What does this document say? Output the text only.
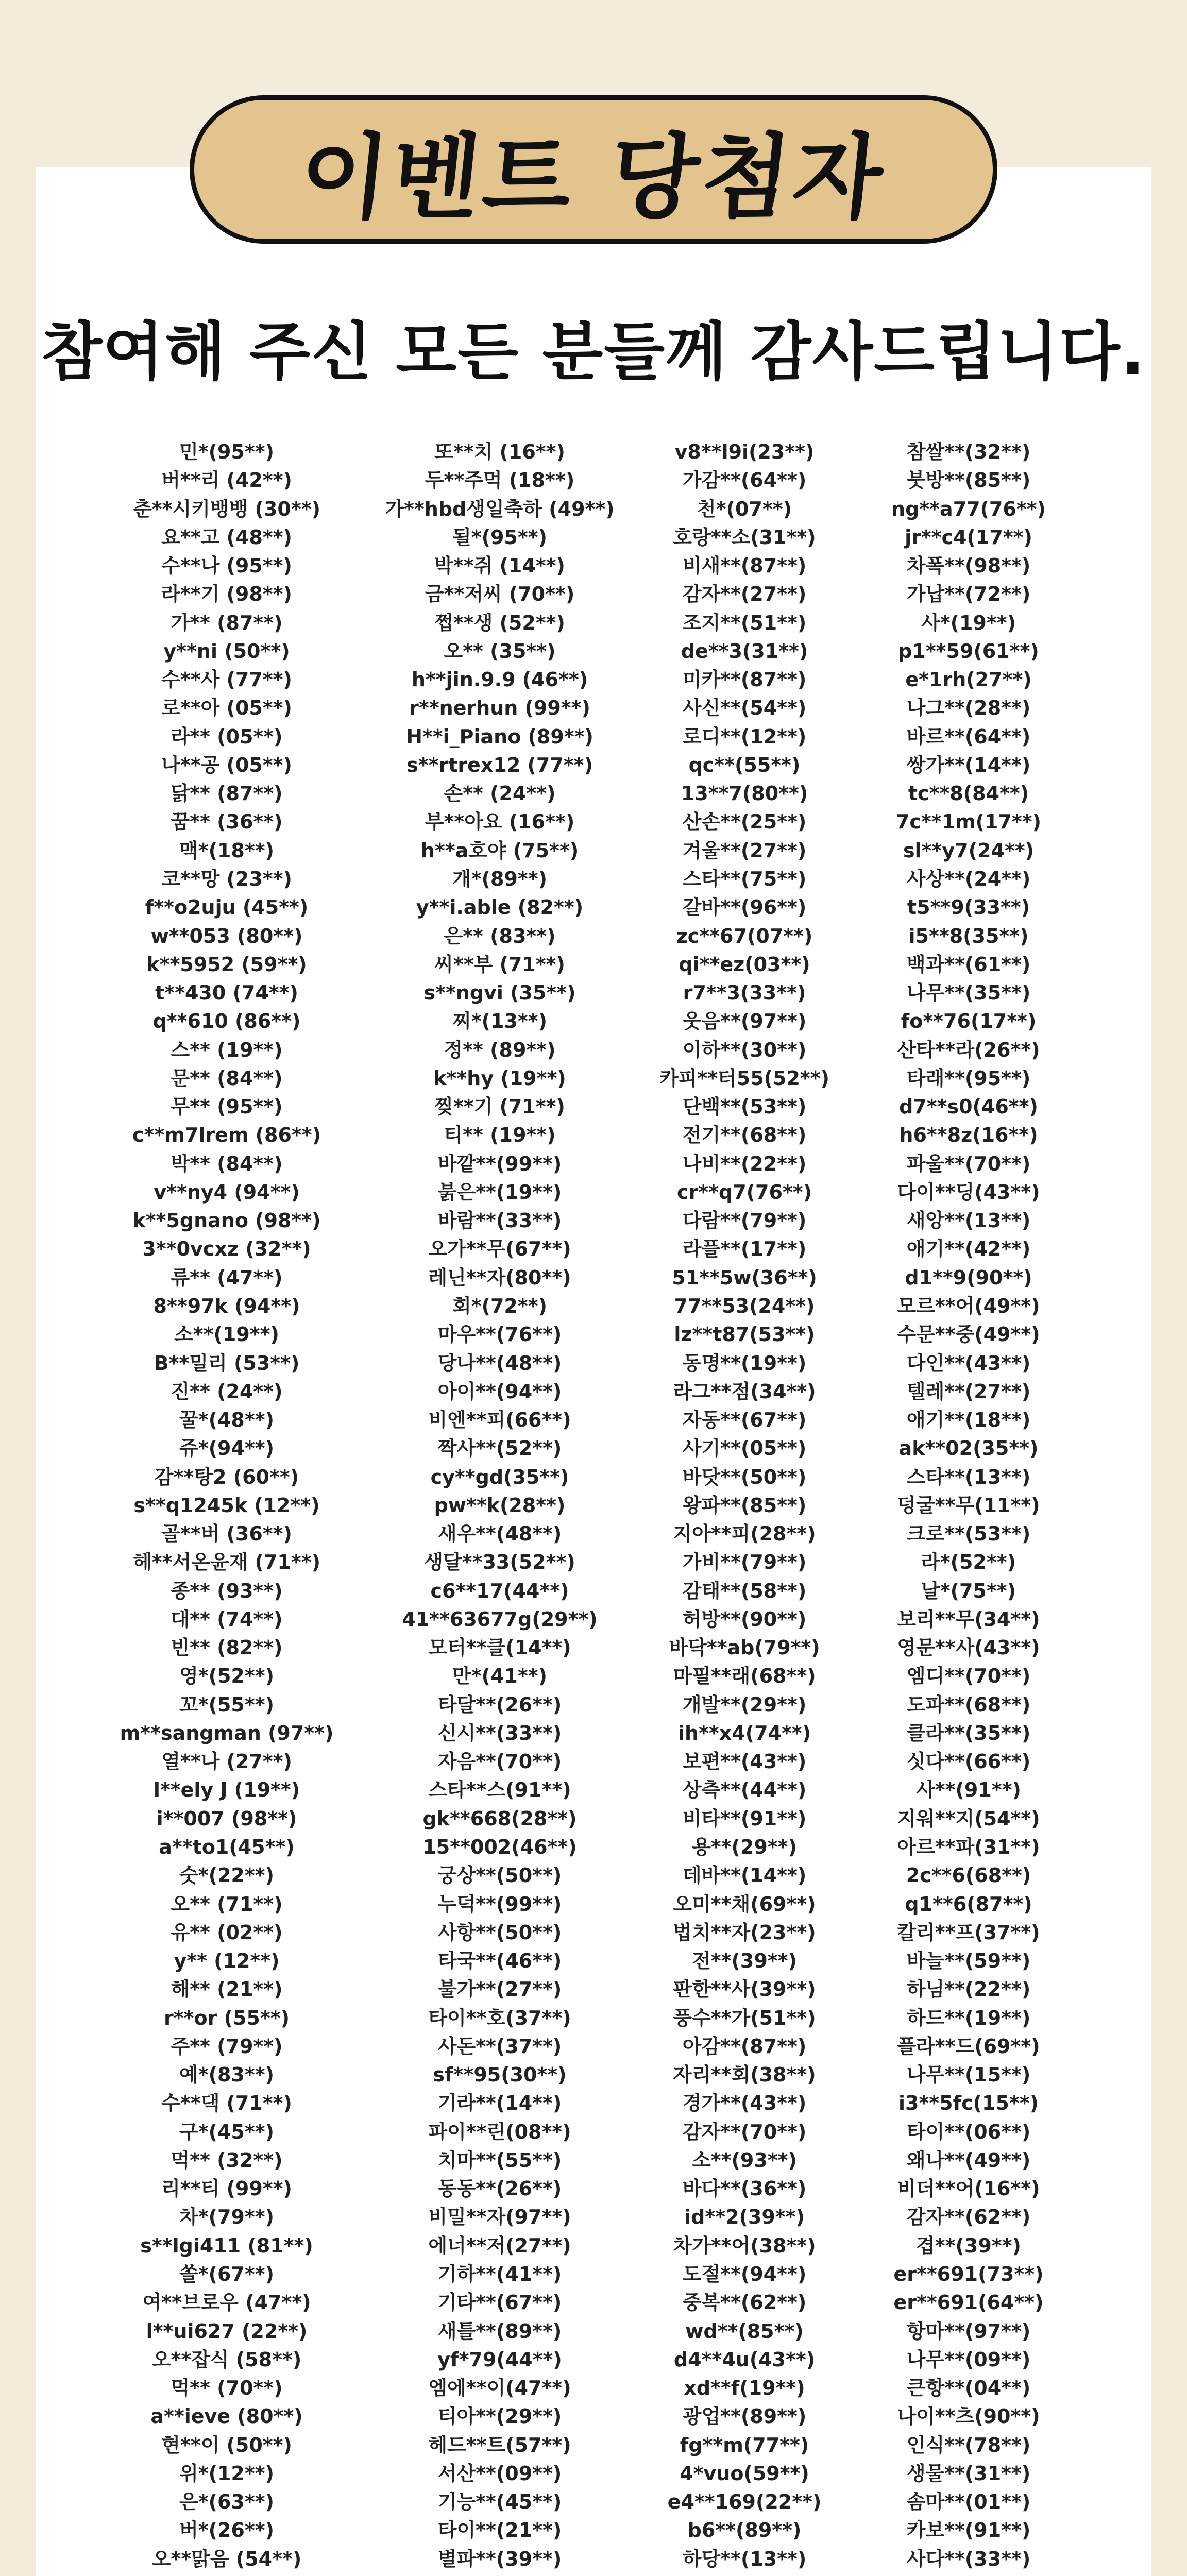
이벤트 당첨자
참여해 주신 모든 분들께 감사드립니다.
민*(95**)
버**리 (42**)
춘**시키뱅뱅 (30**)
요**고 (48**)
수**나 (95**)
라**기 (98**)
가** (87**)
y**ni (50**)
수**사 (77**)
로**아 (05**)
라** (05**)
나**공 (05**)
닭** (87**)
꿈** (36**)
맥*(18**)
코**망 (23**)
f**o2uju (45**)
w**053 (80**)
k**5952 (59**)
t**430 (74**)
q**610 (86**)
스** (19**)
문** (84**)
무** (95**)
c**m7lrem (86**)
박** (84**)
v**ny4 (94**)
k**5gnano (98**)
3**0vcxz (32**)
류** (47**)
8**97k (94**)
소**(19**)
B**밀리 (53**)
진** (24**)
꿀*(48**)
쥬*(94**)
감**탕2 (60**)
s**q1245k (12**)
골**버 (36**)
헤**서온윤재 (71**)
종** (93**)
대** (74**)
빈** (82**)
영*(52**)
꼬*(55**)
m**sangman (97**)
열**나 (27**)
l**ely J (19**)
i**007 (98**)
a**to1(45**)
숫*(22**)
오** (71**)
유** (02**)
y** (12**)
해** (21**)
r**or (55**)
주** (79**)
예*(83**)
수**댁 (71**)
구*(45**)
먹** (32**)
리**티 (99**)
차*(79**)
s**lgi411 (81**)
쏠*(67**)
여**브로우 (47**)
l**ui627 (22**)
오**잡식 (58**)
먹** (70**)
a**ieve (80**)
현**이 (50**)
위*(12**)
은*(63**)
버*(26**)
오**맑음 (54**)
또**치 (16**)
두**주먹 (18**)
가**hbd생일축하 (49**)
될*(95**)
박**쥐 (14**)
금**저씨 (70**)
쩝**생 (52**)
오** (35**)
h**jin.9.9 (46**)
r**nerhun (99**)
H**i_Piano (89**)
s**rtrex12 (77**)
손** (24**)
부**아요 (16**)
h**a호야 (75**)
개*(89**)
y**i.able (82**)
은** (83**)
씨**부 (71**)
s**ngvi (35**)
찌*(13**)
정** (89**)
k**hy (19**)
찢**기 (71**)
티** (19**)
바깥**(99**)
붉은**(19**)
바람**(33**)
오가**무(67**)
레닌**자(80**)
회*(72**)
마우**(76**)
당나**(48**)
아이**(94**)
비엔**피(66**)
짝사**(52**)
cy**gd(35**)
pw**k(28**)
새우**(48**)
생달**33(52**)
c6**17(44**)
41**63677g(29**)
모터**클(14**)
만*(41**)
타달**(26**)
신시**(33**)
자음**(70**)
스타**스(91**)
gk**668(28**)
15**002(46**)
궁상**(50**)
누덕**(99**)
사항**(50**)
타국**(46**)
불가**(27**)
타이**호(37**)
사돈**(37**)
sf**95(30**)
기라**(14**)
파이**린(08**)
치마**(55**)
동동**(26**)
비밀**자(97**)
에너**저(27**)
기하**(41**)
기타**(67**)
새틀**(89**)
yf*79(44**)
엠에**이(47**)
티아**(29**)
헤드**트(57**)
서산**(09**)
기능**(45**)
타이**(21**)
별파**(39**)
v8**l9i(23**)
가감**(64**)
천*(07**)
호랑**소(31**)
비새**(87**)
감자**(27**)
조지**(51**)
de**3(31**)
미카**(87**)
사신**(54**)
로디**(12**)
qc**(55**)
13**7(80**)
산손**(25**)
겨울**(27**)
스타**(75**)
갈바**(96**)
zc**67(07**)
qi**ez(03**)
r7**3(33**)
웃음**(97**)
이하**(30**)
카피**터55(52**)
단백**(53**)
전기**(68**)
나비**(22**)
cr**q7(76**)
다람**(79**)
라플**(17**)
51**5w(36**)
77**53(24**)
lz**t87(53**)
동명**(19**)
라그**점(34**)
자동**(67**)
사기**(05**)
바닷**(50**)
왕파**(85**)
지아**피(28**)
가비**(79**)
감태**(58**)
허방**(90**)
바닥**ab(79**)
마필**래(68**)
개발**(29**)
ih**x4(74**)
보편**(43**)
상측**(44**)
비타**(91**)
용**(29**)
데바**(14**)
오미**채(69**)
법치**자(23**)
전**(39**)
판한**사(39**)
풍수**가(51**)
아감**(87**)
자리**회(38**)
경가**(43**)
감자**(70**)
소**(93**)
바다**(36**)
id**2(39**)
차가**어(38**)
도절**(94**)
중복**(62**)
wd**(85**)
d4**4u(43**)
xd**f(19**)
광업**(89**)
fg**m(77**)
4*vuo(59**)
e4**169(22**)
b6**(89**)
하당**(13**)
참쌀**(32**)
붓방**(85**)
ng**a77(76**)
jr**c4(17**)
차폭**(98**)
가납**(72**)
사*(19**)
p1**59(61**)
e*1rh(27**)
나그**(28**)
바르**(64**)
쌍가**(14**)
tc**8(84**)
7c**1m(17**)
sl**y7(24**)
사상**(24**)
t5**9(33**)
i5**8(35**)
백과**(61**)
나무**(35**)
fo**76(17**)
산타**라(26**)
타래**(95**)
d7**s0(46**)
h6**8z(16**)
파울**(70**)
다이**딩(43**)
새앙**(13**)
애기**(42**)
d1**9(90**)
모르**어(49**)
수문**중(49**)
다인**(43**)
텔레**(27**)
애기**(18**)
ak**02(35**)
스타**(13**)
덩굴**무(11**)
크로**(53**)
라*(52**)
날*(75**)
보리**무(34**)
영문**사(43**)
엠디**(70**)
도파**(68**)
클라**(35**)
싯다**(66**)
사**(91**)
지워**지(54**)
아르**파(31**)
2c**6(68**)
q1**6(87**)
칼리**프(37**)
바늘**(59**)
하님**(22**)
하드**(19**)
플라**드(69**)
나무**(15**)
i3**5fc(15**)
타이**(06**)
왜나**(49**)
비더**어(16**)
감자**(62**)
겹**(39**)
er**691(73**)
er**691(64**)
항마**(97**)
나무**(09**)
큰항**(04**)
나이**츠(90**)
인식**(78**)
생물**(31**)
솜마**(01**)
카보**(91**)
사다**(33**)
